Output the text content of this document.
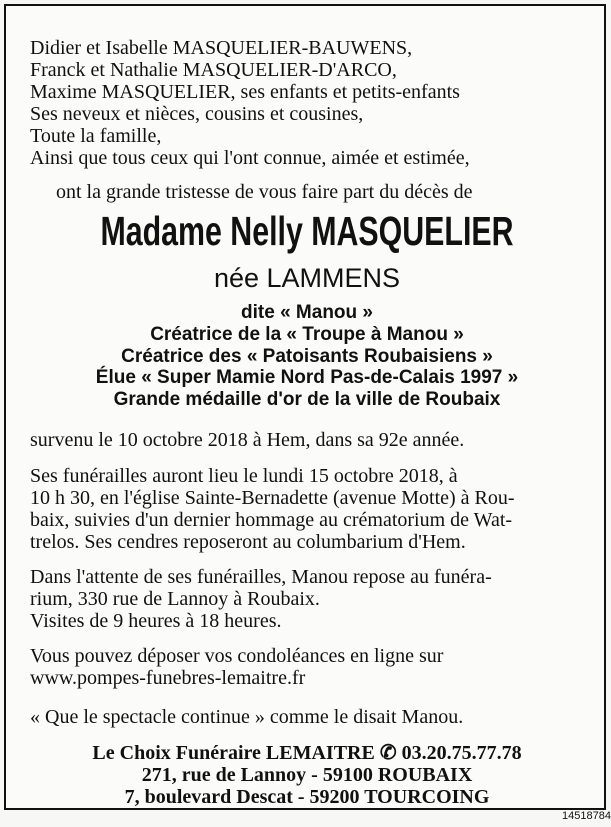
Didier et Isabelle MASQUELIER-BAUWENS,
Franck et Nathalie MASQUELIER-D'ARCO,
Maxime MASQUELIER, ses enfants et petits-enfants
Ses neveux et nièces, cousins et cousines,
Toute la famille,
Ainsi que tous ceux qui l'ont connue, aimée et estimée,
ont la grande tristesse de vous faire part du décès de
Madame Nelly MASQUELIER
née LAMMENS
dite « Manou »
Créatrice de la « Troupe à Manou »
Créatrice des « Patoisants Roubaisiens »
Élue « Super Mamie Nord Pas-de-Calais 1997 »
Grande médaille d'or de la ville de Roubaix
survenu le 10 octobre 2018 à Hem, dans sa 92e année.
Ses funérailles auront lieu le lundi 15 octobre 2018, à
10 h 30, en l'église Sainte-Bernadette (avenue Motte) à Rou-
baix, suivies d'un dernier hommage au crématorium de Wat-
trelos. Ses cendres reposeront au columbarium d'Hem.
Dans l'attente de ses funérailles, Manou repose au funéra-
rium, 330 rue de Lannoy à Roubaix.
Visites de 9 heures à 18 heures.
Vous pouvez déposer vos condoléances en ligne sur
www.pompes-funebres-lemaitre.fr
« Que le spectacle continue » comme le disait Manou.
Le Choix Funéraire LEMAITRE ✆ 03.20.75.77.78
271, rue de Lannoy - 59100 ROUBAIX
7, boulevard Descat - 59200 TOURCOING
14518784
